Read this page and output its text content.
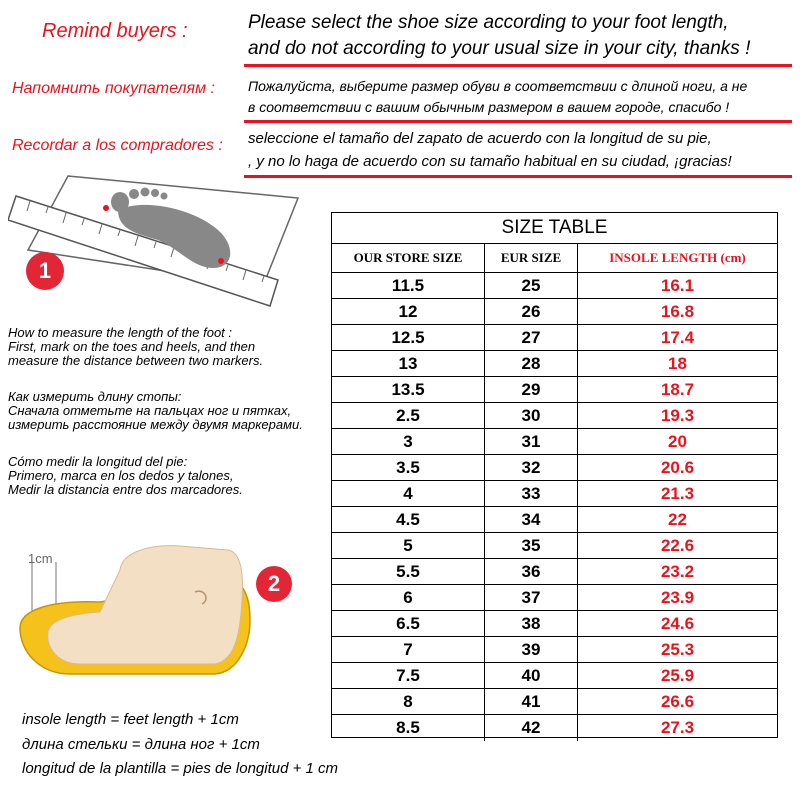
Remind buyers :	Please select the shoe size according to your foot length,
and do not according to your usual size in your city, thanks !
Напомнить покупателям : Пожалуйста, выберите размер обуви в соответствии с длиной ноги, а не
в соответствии с вашим обычным размером в вашем городе, спасибо !
Recordar a los compradores : seleccione el tamaño del zapato de acuerdo con la longitud de su pie,
, y no lo haga de acuerdo con su tamaño habitual en su ciudad, ¡gracias!
1
How to measure the length of the foot :
First, mark on the toes and heels, and then
measure the distance between two markers.
Как измерить длину стопы:
Сначала отметьте на пальцах ног и пятках,
измерить расстояние между двумя маркерами.
Cómo medir la longitud del pie:
Primero, marca en los dedos y talones,
Medir la distancia entre dos marcadores.
1cm
2
insole length = feet length + 1cm
длина стельки = длина ног + 1cm
longitud de la plantilla = pies de longitud + 1 cm
SIZE TABLE
OUR STORE SIZE	EUR SIZE	INSOLE LENGTH (cm)
11.5	25	16.1
12	26	16.8
12.5	27	17.4
13	28	18
13.5	29	18.7
2.5	30	19.3
3	31	20
3.5	32	20.6
4	33	21.3
4.5	34	22
5	35	22.6
5.5	36	23.2
6	37	23.9
6.5	38	24.6
7	39	25.3
7.5	40	25.9
8	41	26.6
8.5	42	27.3
